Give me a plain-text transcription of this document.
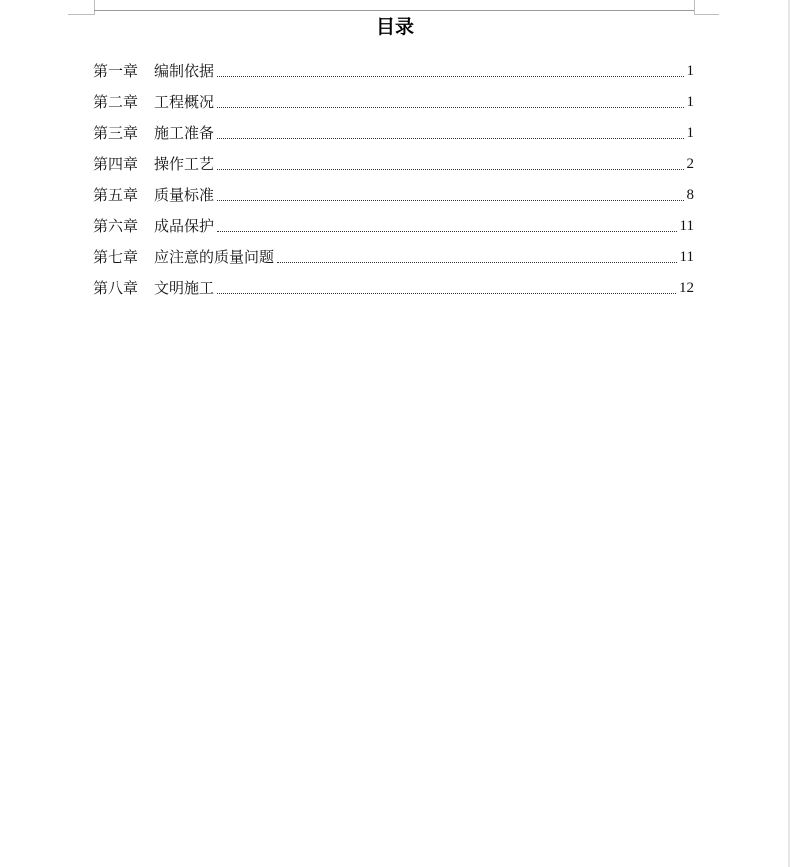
目录
第一章 编制依据	1
第二章 工程概况	1
第三章 施工准备	1
第四章 操作工艺	2
第五章 质量标准	8
第六章 成品保护	11
第七章 应注意的质量问题	11
第八章 文明施工	12
